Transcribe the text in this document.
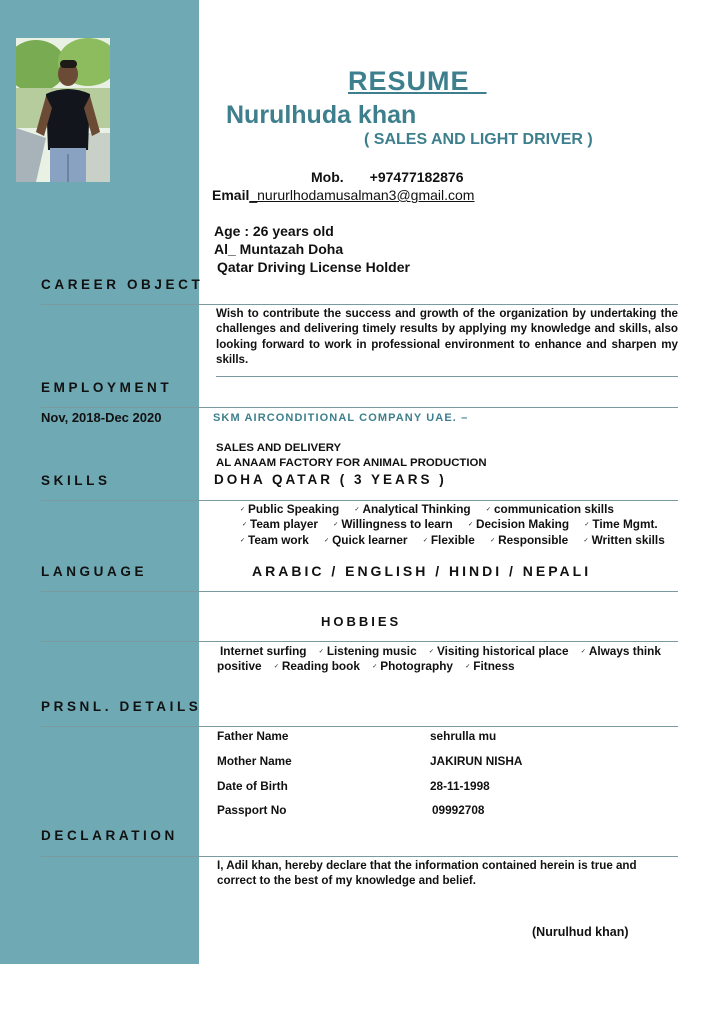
RESUME
Nurulhuda khan
( SALES AND LIGHT DRIVER )
Mob. +97477182876
Email_nururlhodamusalman3@gmail.com
Age : 26 years old
Al_ Muntazah Doha
Qatar Driving License Holder
CAREER OBJECT
Wish to contribute the success and growth of the organization by undertaking the challenges and delivering timely results by applying my knowledge and skills, also looking forward to work in professional environment to enhance and sharpen my skills.
EMPLOYMENT
Nov, 2018-Dec 2020	SKM AIRCONDITIONAL COMPANY UAE. –
SALES AND DELIVERY
AL ANAAM FACTORY FOR ANIMAL PRODUCTION
DOHA QATAR ( 3 YEARS )
SKILLS
✓ Public Speaking ✓ Analytical Thinking ✓ communication skills
✓ Team player ✓ Willingness to learn ✓ Decision Making ✓ Time Mgmt.
✓ Team work ✓ Quick learner ✓ Flexible ✓ Responsible ✓ Written skills
LANGUAGE	ARABIC / ENGLISH / HINDI / NEPALI
HOBBIES
Internet surfing ✓ Listening music ✓ Visiting historical place ✓ Always think
positive ✓ Reading book ✓ Photography ✓ Fitness
PRSNL. DETAILS
Father Name	sehrulla mu
Mother Name	JAKIRUN NISHA
Date of Birth	28-11-1998
Passport No	09992708
DECLARATION
I, Adil khan, hereby declare that the information contained herein is true and correct to the best of my knowledge and belief.
(Nurulhud khan)
